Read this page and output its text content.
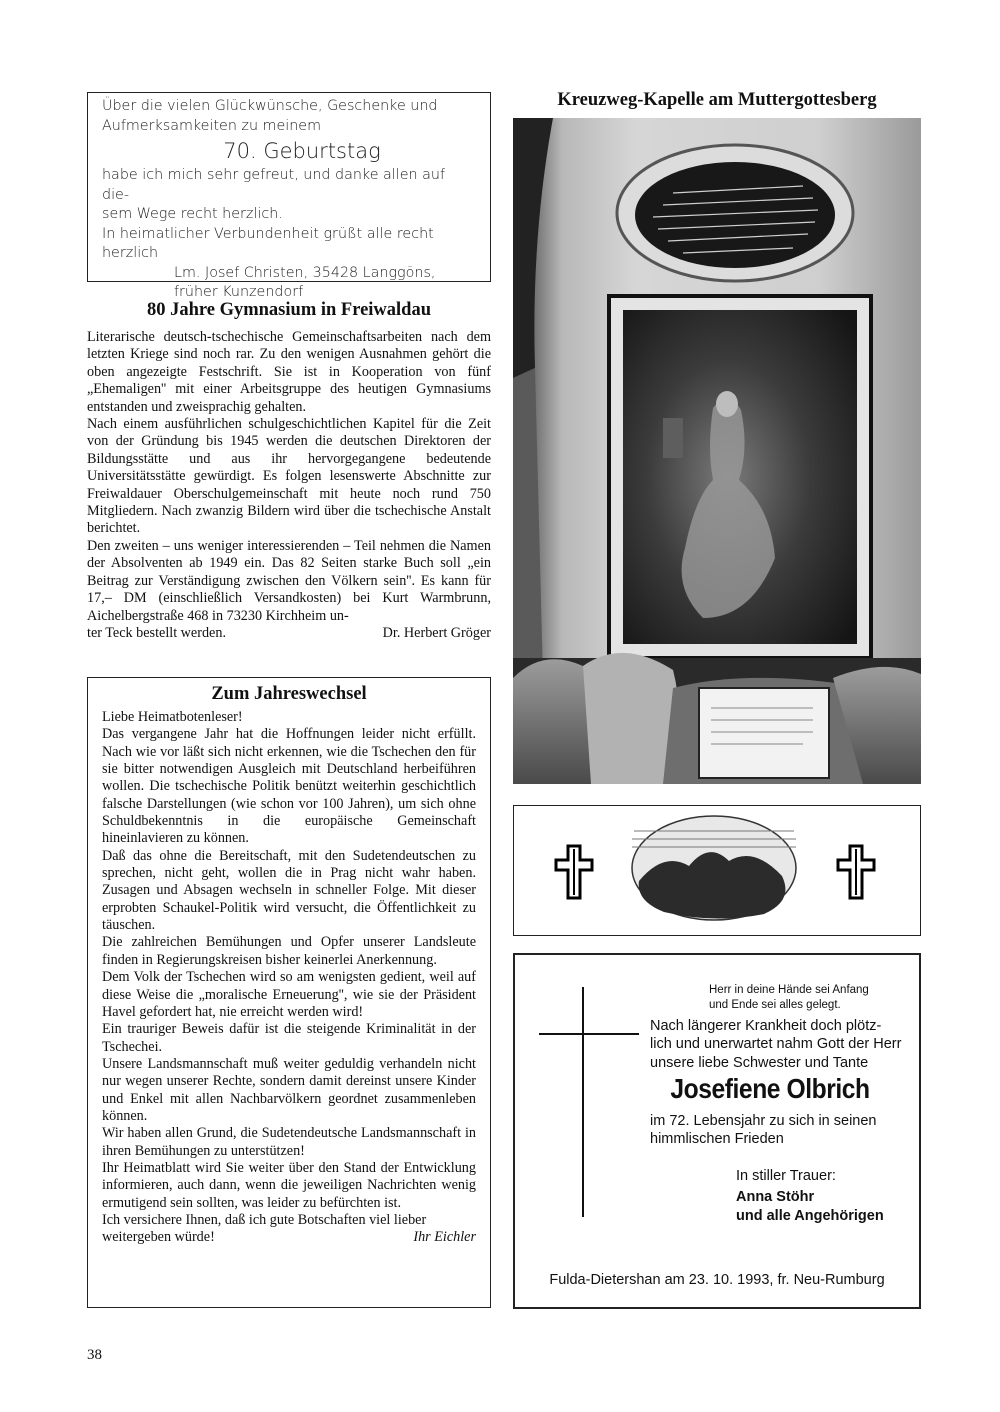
Über die vielen Glückwünsche, Geschenke und

Aufmerksamkeiten zu meinem

70. Geburtstag

habe ich mich sehr gefreut, und danke allen auf die-

sem Wege recht herzlich.

In heimatlicher Verbundenheit grüßt alle recht

herzlich

Lm. Josef Christen, 35428 Langgöns,

früher Kunzendorf

80 Jahre Gymnasium in Freiwaldau

Literarische deutsch-tschechische Gemeinschaftsarbeiten nach dem letzten Kriege sind noch rar. Zu den wenigen Ausnahmen gehört die oben angezeigte Festschrift. Sie ist in Kooperation von fünf „Ehemaligen'' mit einer Arbeitsgruppe des heutigen Gymnasiums entstanden und zweisprachig gehalten.

Nach einem ausführlichen schulgeschichtlichen Kapitel für die Zeit von der Gründung bis 1945 werden die deutschen Direktoren der Bildungsstätte und aus ihr hervorgegangene bedeutende Universitätsstätte gewürdigt. Es folgen lesenswerte Abschnitte zur Freiwaldauer Oberschulgemeinschaft mit heute noch rund 750 Mitgliedern. Nach zwanzig Bildern wird über die tschechische Anstalt berichtet.

Den zweiten – uns weniger interessierenden – Teil nehmen die Namen der Absolventen ab 1949 ein. Das 82 Seiten starke Buch soll „ein Beitrag zur Verständigung zwischen den Völkern sein''. Es kann für 17,– DM (einschließlich Versandkosten) bei Kurt Warmbrunn, Aichelbergstraße 468 in 73230 Kirchheim un-

ter Teck bestellt werden.	Dr. Herbert Gröger
Zum Jahreswechsel

Liebe Heimatbotenleser!

Das vergangene Jahr hat die Hoffnungen leider nicht erfüllt. Nach wie vor läßt sich nicht erkennen, wie die Tschechen den für sie bitter notwendigen Ausgleich mit Deutschland herbeiführen wollen. Die tschechische Politik benützt weiterhin geschichtlich falsche Darstellungen (wie schon vor 100 Jahren), um sich ohne Schuldbekenntnis in die europäische Gemeinschaft hineinlavieren zu können.

Daß das ohne die Bereitschaft, mit den Sudetendeutschen zu sprechen, nicht geht, wollen die in Prag nicht wahr haben. Zusagen und Absagen wechseln in schneller Folge. Mit dieser erprobten Schaukel-Politik wird versucht, die Öffentlichkeit zu täuschen.

Die zahlreichen Bemühungen und Opfer unserer Landsleute finden in Regierungskreisen bisher keinerlei Anerkennung.

Dem Volk der Tschechen wird so am wenigsten gedient, weil auf diese Weise die „moralische Erneuerung'', wie sie der Präsident Havel gefordert hat, nie erreicht werden wird!

Ein trauriger Beweis dafür ist die steigende Kriminalität in der Tschechei.

Unsere Landsmannschaft muß weiter geduldig verhandeln nicht nur wegen unserer Rechte, sondern damit dereinst unsere Kinder und Enkel mit allen Nachbarvölkern geordnet zusammenleben können.

Wir haben allen Grund, die Sudetendeutsche Landsmannschaft in ihren Bemühungen zu unterstützen!

Ihr Heimatblatt wird Sie weiter über den Stand der Entwicklung informieren, auch dann, wenn die jeweiligen Nachrichten wenig ermutigend sein sollten, was leider zu befürchten ist.

Ich versichere Ihnen, daß ich gute Botschaften viel lieber

weitergeben würde!	Ihr Eichler
Kreuzweg-Kapelle am Muttergottesberg
Herr in deine Hände sei Anfang
und Ende sei alles gelegt.
Nach längerer Krankheit doch plötz-
lich und unerwartet nahm Gott der Herr
unsere liebe Schwester und Tante
Josefiene Olbrich
im 72. Lebensjahr zu sich in seinen
himmlischen Frieden
In stiller Trauer:
Anna Stöhr
und alle Angehörigen
Fulda-Dietershan am 23. 10. 1993, fr. Neu-Rumburg
38
